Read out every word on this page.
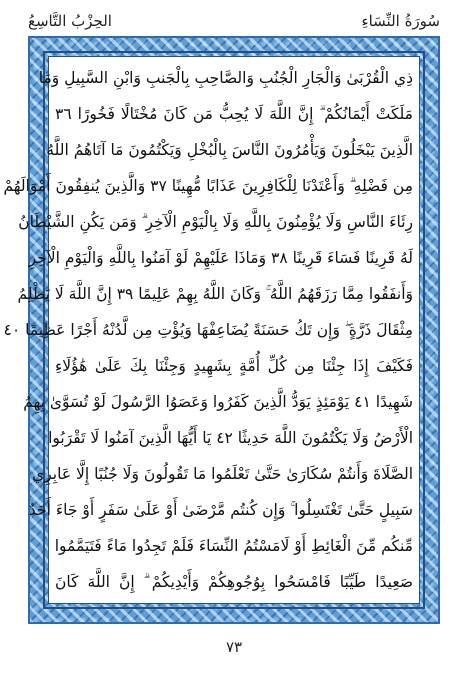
سُورَةُ النِّسَاءِ
الحِزْبُ التَّاسِعُ
ذِي الْقُرْبَىٰ وَالْجَارِ الْجُنُبِ وَالصَّاحِبِ بِالْجَنبِ وَابْنِ السَّبِيلِ وَمَا
مَلَكَتْ أَيْمَانُكُمْ ۗ إِنَّ اللَّهَ لَا يُحِبُّ مَن كَانَ مُخْتَالًا فَخُورًا ٣٦
الَّذِينَ يَبْخَلُونَ وَيَأْمُرُونَ النَّاسَ بِالْبُخْلِ وَيَكْتُمُونَ مَا آتَاهُمُ اللَّهُ
مِن فَضْلِهِ ۗ وَأَعْتَدْنَا لِلْكَافِرِينَ عَذَابًا مُّهِينًا ٣٧ وَالَّذِينَ يُنفِقُونَ أَمْوَالَهُمْ
رِئَاءَ النَّاسِ وَلَا يُؤْمِنُونَ بِاللَّهِ وَلَا بِالْيَوْمِ الْآخِرِ ۗ وَمَن يَكُنِ الشَّيْطَانُ
لَهُ قَرِينًا فَسَاءَ قَرِينًا ٣٨ وَمَاذَا عَلَيْهِمْ لَوْ آمَنُوا بِاللَّهِ وَالْيَوْمِ الْآخِرِ
وَأَنفَقُوا مِمَّا رَزَقَهُمُ اللَّهُ ۚ وَكَانَ اللَّهُ بِهِمْ عَلِيمًا ٣٩ إِنَّ اللَّهَ لَا يَظْلِمُ
مِثْقَالَ ذَرَّةٍ ۖ وَإِن تَكُ حَسَنَةً يُضَاعِفْهَا وَيُؤْتِ مِن لَّدُنْهُ أَجْرًا عَظِيمًا ٤٠
فَكَيْفَ إِذَا جِئْنَا مِن كُلِّ أُمَّةٍ بِشَهِيدٍ وَجِئْنَا بِكَ عَلَىٰ هَٰؤُلَاءِ
شَهِيدًا ٤١ يَوْمَئِذٍ يَوَدُّ الَّذِينَ كَفَرُوا وَعَصَوُا الرَّسُولَ لَوْ تُسَوَّىٰ بِهِمُ
الْأَرْضُ وَلَا يَكْتُمُونَ اللَّهَ حَدِيثًا ٤٢ يَا أَيُّهَا الَّذِينَ آمَنُوا لَا تَقْرَبُوا
الصَّلَاةَ وَأَنتُمْ سُكَارَىٰ حَتَّىٰ تَعْلَمُوا مَا تَقُولُونَ وَلَا جُنُبًا إِلَّا عَابِرِي
سَبِيلٍ حَتَّىٰ تَغْتَسِلُوا ۚ وَإِن كُنتُم مَّرْضَىٰ أَوْ عَلَىٰ سَفَرٍ أَوْ جَاءَ أَحَدٌ
مِّنكُم مِّنَ الْغَائِطِ أَوْ لَامَسْتُمُ النِّسَاءَ فَلَمْ تَجِدُوا مَاءً فَتَيَمَّمُوا
صَعِيدًا طَيِّبًا فَامْسَحُوا بِوُجُوهِكُمْ وَأَيْدِيكُمْ ۗ إِنَّ اللَّهَ كَانَ
٧٣
